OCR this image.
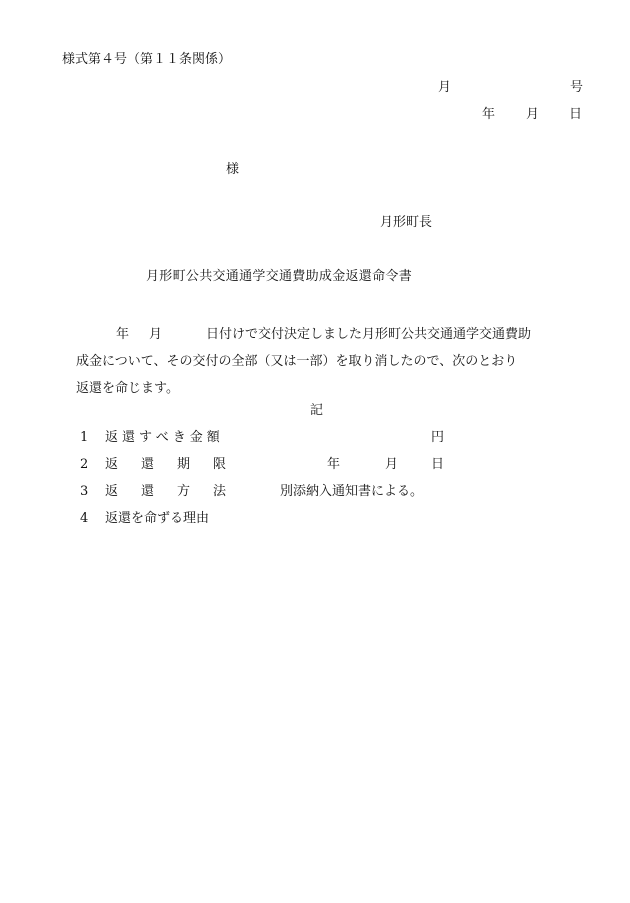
様式第４号（第１１条関係）
月	号
年 月 日
様
月形町長
月形町公共交通通学交通費助成金返還命令書

年 月	日付けで交付決定しました月形町公共交通通学交通費助

成金について、その交付の全部（又は一部）を取り消したので、次のとおり

返還を命じます。

記
1 返還すべき金額	円
2 返還期限	年	月	日
3 返還方法 別添納入通知書による。
4 返還を命ずる理由
